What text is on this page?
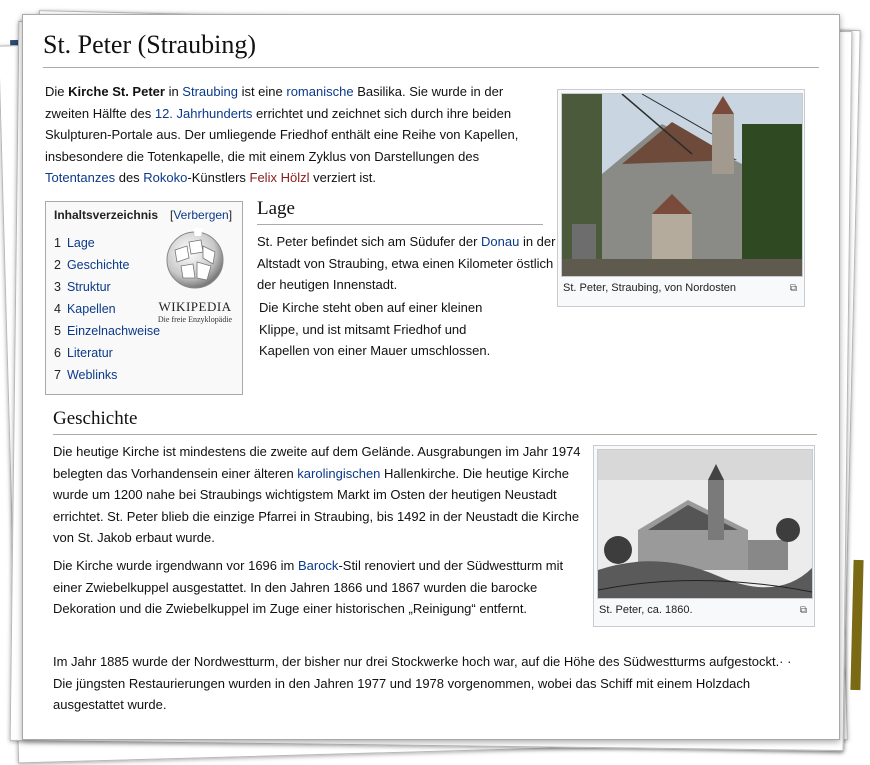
St. Peter (Straubing)
Die Kirche St. Peter in Straubing ist eine romanische Basilika. Sie wurde in der zweiten Hälfte des 12. Jahrhunderts errichtet und zeichnet sich durch ihre beiden Skulpturen-Portale aus. Der umliegende Friedhof enthält eine Reihe von Kapellen, insbesondere die Totenkapelle, die mit einem Zyklus von Darstellungen des Totentanzes des Rokoko-Künstlers Felix Hölzl verziert ist.
St. Peter, Straubing, von Nordosten	⧉
Inhaltsverzeichnis [Verbergen]
1 Lage
2 Geschichte
3 Struktur
4 Kapellen
5 Einzelnachweise
6 Literatur
7 Weblinks
WIKIPEDIA
Die freie Enzyklopädie
Lage
St. Peter befindet sich am Südufer der Donau in der Altstadt von Straubing, etwa einen Kilometer östlich der heutigen Innenstadt.
Die Kirche steht oben auf einer kleinen Klippe, und ist mitsamt Friedhof und Kapellen von einer Mauer umschlossen.
Geschichte
Die heutige Kirche ist mindestens die zweite auf dem Gelände. Ausgrabungen im Jahr 1974 belegten das Vorhandensein einer älteren karolingischen Hallenkirche. Die heutige Kirche wurde um 1200 nahe bei Straubings wichtigstem Markt im Osten der heutigen Neustadt errichtet. St. Peter blieb die einzige Pfarrei in Straubing, bis 1492 in der Neustadt die Kirche von St. Jakob erbaut wurde.
Die Kirche wurde irgendwann vor 1696 im Barock-Stil renoviert und der Südwestturm mit einer Zwiebelkuppel ausgestattet. In den Jahren 1866 und 1867 wurden die barocke Dekoration und die Zwiebelkuppel im Zuge einer historischen „Reinigung“ entfernt.
Im Jahr 1885 wurde der Nordwestturm, der bisher nur drei Stockwerke hoch war, auf die Höhe des Südwestturms aufgestockt.· · Die jüngsten Restaurierungen wurden in den Jahren 1977 und 1978 vorgenommen, wobei das Schiff mit einem Holzdach ausgestattet wurde.
St. Peter, ca. 1860.	⧉
